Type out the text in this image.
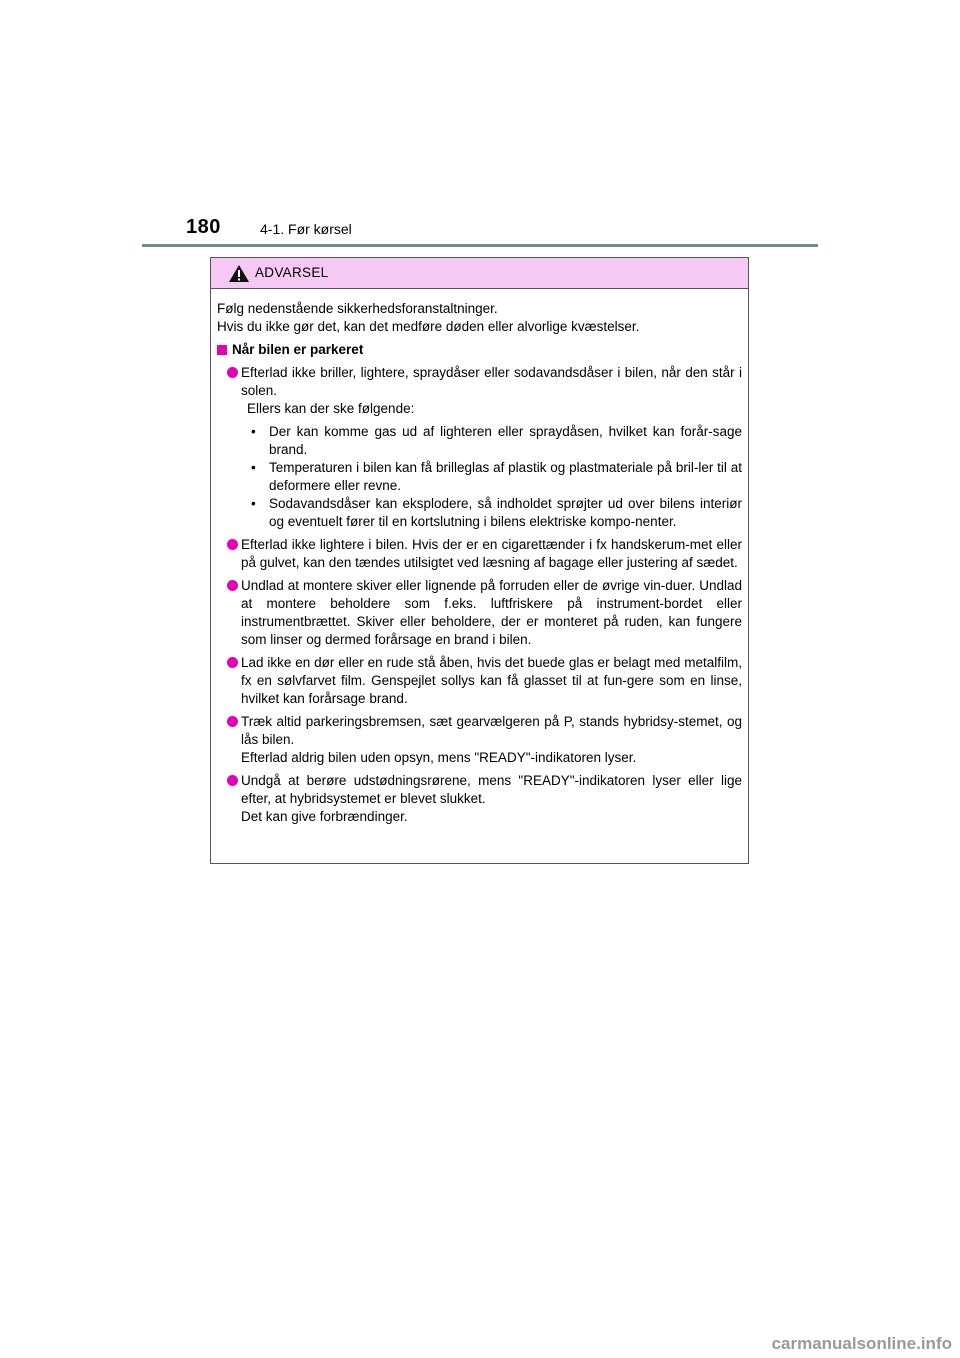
180	4-1. Før kørsel
ADVARSEL

Følg nedenstående sikkerhedsforanstaltninger.

Hvis du ikke gør det, kan det medføre døden eller alvorlige kvæstelser.

Når bilen er parkeret
Efterlad ikke briller, lightere, spraydåser eller sodavandsdåser i bilen, når den står i solen.
Ellers kan der ske følgende:
• Der kan komme gas ud af lighteren eller spraydåsen, hvilket kan forår-sage brand.
• Temperaturen i bilen kan få brilleglas af plastik og plastmateriale på bril-ler til at deformere eller revne.
• Sodavandsdåser kan eksplodere, så indholdet sprøjter ud over bilens interiør og eventuelt fører til en kortslutning i bilens elektriske kompo-nenter.
Efterlad ikke lightere i bilen. Hvis der er en cigarettænder i fx handskerum-met eller på gulvet, kan den tændes utilsigtet ved læsning af bagage eller justering af sædet.
Undlad at montere skiver eller lignende på forruden eller de øvrige vin-duer. Undlad at montere beholdere som f.eks. luftfriskere på instrument-bordet eller instrumentbrættet. Skiver eller beholdere, der er monteret på ruden, kan fungere som linser og dermed forårsage en brand i bilen.
Lad ikke en dør eller en rude stå åben, hvis det buede glas er belagt med metalfilm, fx en sølvfarvet film. Genspejlet sollys kan få glasset til at fun-gere som en linse, hvilket kan forårsage brand.
Træk altid parkeringsbremsen, sæt gearvælgeren på P, stands hybridsy-stemet, og lås bilen.
Efterlad aldrig bilen uden opsyn, mens "READY"-indikatoren lyser.
Undgå at berøre udstødningsrørene, mens "READY"-indikatoren lyser eller lige efter, at hybridsystemet er blevet slukket.
Det kan give forbrændinger.
carmanualsonline.info
